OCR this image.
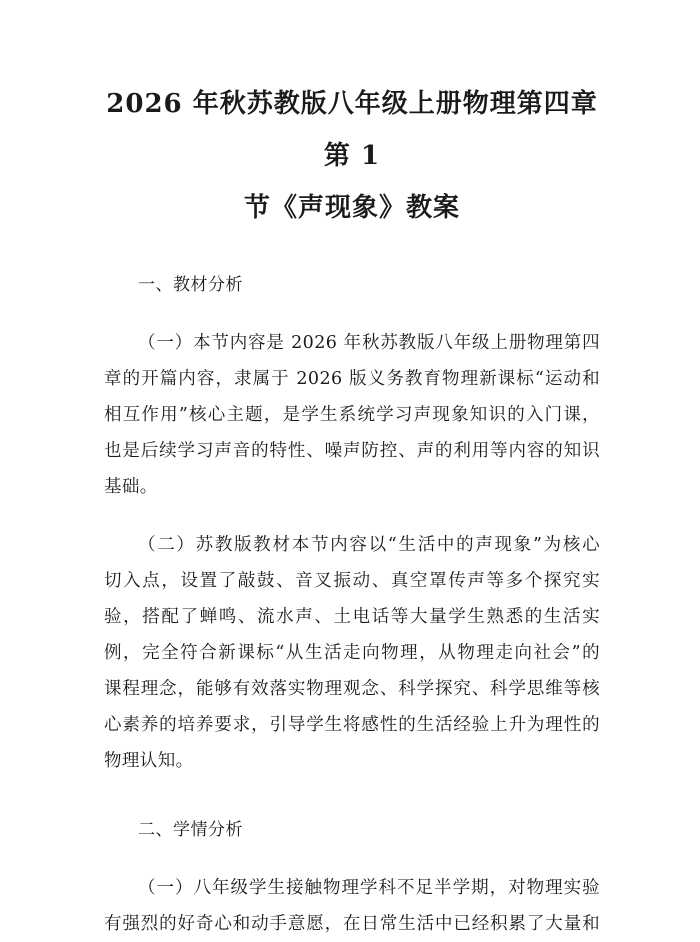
2026 年秋苏教版八年级上册物理第四章第 1
节《声现象》教案

一、教材分析

（一）本节内容是 2026 年秋苏教版八年级上册物理第四
章的开篇内容，隶属于 2026 版义务教育物理新课标“运动和
相互作用”核心主题，是学生系统学习声现象知识的入门课，
也是后续学习声音的特性、噪声防控、声的利用等内容的知识
基础。

（二）苏教版教材本节内容以“生活中的声现象”为核心
切入点，设置了敲鼓、音叉振动、真空罩传声等多个探究实
验，搭配了蝉鸣、流水声、土电话等大量学生熟悉的生活实
例，完全符合新课标“从生活走向物理，从物理走向社会”的
课程理念，能够有效落实物理观念、科学探究、科学思维等核
心素养的培养要求，引导学生将感性的生活经验上升为理性的
物理认知。

二、学情分析

（一）八年级学生接触物理学科不足半学期，对物理实验
有强烈的好奇心和动手意愿，在日常生活中已经积累了大量和
